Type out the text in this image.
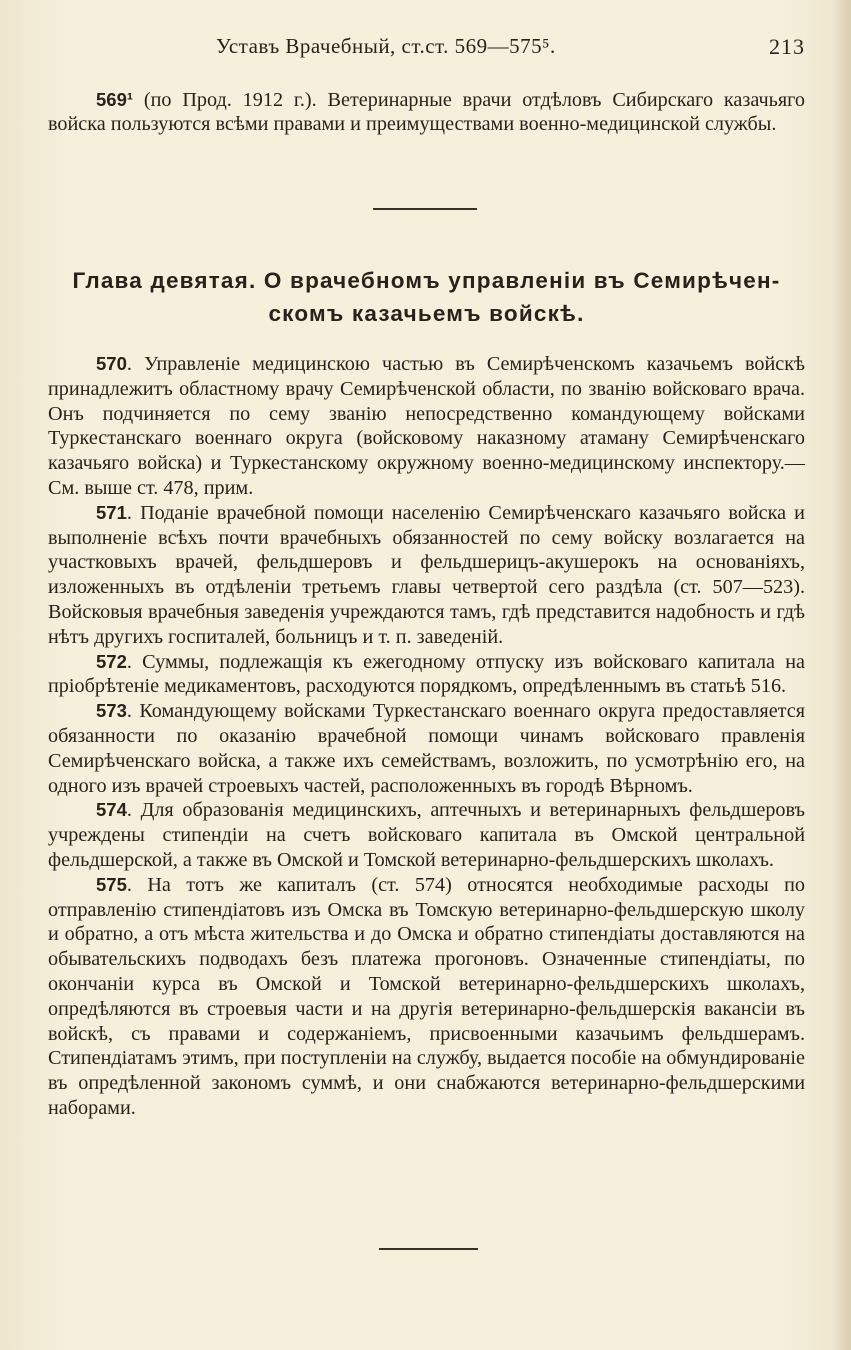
Уставъ Врачебный, ст.ст. 569—575⁵.	213

569¹ (по Прод. 1912 г.). Ветеринарные врачи отдѣловъ Сибирскаго казачьяго войска пользуются всѣми правами и преимуществами военно-медицинской службы.

Глава девятая. О врачебномъ управленіи въ Семирѣчен-
скомъ казачьемъ войскѣ.

570. Управленіе медицинскою частью въ Семирѣченскомъ казачьемъ войскѣ принадлежитъ областному врачу Семирѣченской области, по званію войсковаго врача. Онъ подчиняется по сему званію непосредственно командующему войсками Туркестанскаго военнаго округа (войсковому наказному атаману Семирѣченскаго казачьяго войска) и Туркестанскому окружному военно-медицинскому инспектору.—См. выше ст. 478, прим.

571. Поданіе врачебной помощи населенію Семирѣченскаго казачьяго войска и выполненіе всѣхъ почти врачебныхъ обязанностей по сему войску возлагается на участковыхъ врачей, фельдшеровъ и фельдшерицъ-акушерокъ на основаніяхъ, изложенныхъ въ отдѣленіи третьемъ главы четвертой сего раздѣла (ст. 507—523). Войсковыя врачебныя заведенія учреждаются тамъ, гдѣ представится надобность и гдѣ нѣтъ другихъ госпиталей, больницъ и т. п. заведеній.

572. Суммы, подлежащія къ ежегодному отпуску изъ войсковаго капитала на пріобрѣтеніе медикаментовъ, расходуются порядкомъ, опредѣленнымъ въ статьѣ 516.

573. Командующему войсками Туркестанскаго военнаго округа предоставляется обязанности по оказанію врачебной помощи чинамъ войсковаго правленія Семирѣченскаго войска, а также ихъ семействамъ, возложить, по усмотрѣнію его, на одного изъ врачей строевыхъ частей, расположенныхъ въ городѣ Вѣрномъ.

574. Для образованія медицинскихъ, аптечныхъ и ветеринарныхъ фельдшеровъ учреждены стипендіи на счетъ войсковаго капитала въ Омской центральной фельдшерской, а также въ Омской и Томской ветеринарно-фельдшерскихъ школахъ.

575. На тотъ же капиталъ (ст. 574) относятся необходимые расходы по отправленію стипендіатовъ изъ Омска въ Томскую ветеринарно-фельдшерскую школу и обратно, а отъ мѣста жительства и до Омска и обратно стипендіаты доставляются на обывательскихъ подводахъ безъ платежа прогоновъ. Означенные стипендіаты, по окончаніи курса въ Омской и Томской ветеринарно-фельдшерскихъ школахъ, опредѣляются въ строевыя части и на другія ветеринарно-фельдшерскія вакансіи въ войскѣ, съ правами и содержаніемъ, присвоенными казачьимъ фельдшерамъ. Стипендіатамъ этимъ, при поступленіи на службу, выдается пособіе на обмундированіе въ опредѣленной закономъ суммѣ, и они снабжаются ветеринарно-фельдшерскими наборами.
